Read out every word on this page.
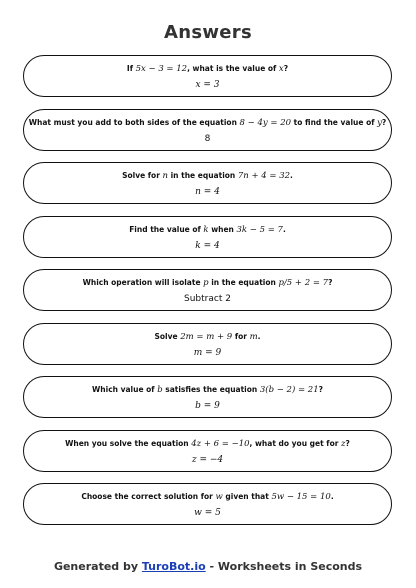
Answers
If 5x − 3 = 12, what is the value of x?
x = 3
What must you add to both sides of the equation 8 − 4y = 20 to find the value of y?
8
Solve for n in the equation 7n + 4 = 32.
n = 4
Find the value of k when 3k − 5 = 7.
k = 4
Which operation will isolate p in the equation p/5 + 2 = 7?
Subtract 2
Solve 2m = m + 9 for m.
m = 9
Which value of b satisfies the equation 3(b − 2) = 21?
b = 9
When you solve the equation 4z + 6 = −10, what do you get for z?
z = −4
Choose the correct solution for w given that 5w − 15 = 10.
w = 5
Generated by TuroBot.io - Worksheets in Seconds
